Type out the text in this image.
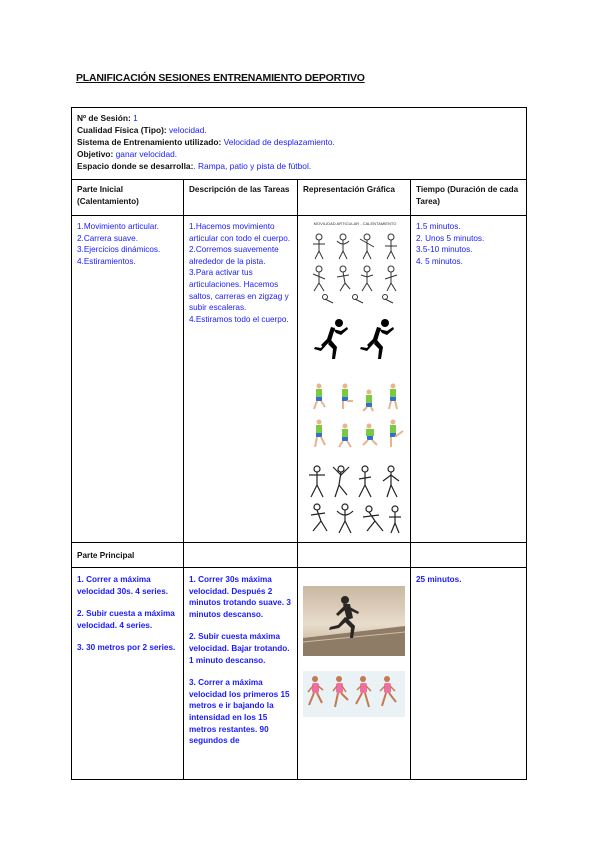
PLANIFICACIÓN SESIONES ENTRENAMIENTO DEPORTIVO
Nº de Sesión: 1
Cualidad Física (Tipo): velocidad.
Sistema de Entrenamiento utilizado: Velocidad de desplazamiento.
Objetivo: ganar velocidad.
Espacio donde se desarrolla:. Rampa, patio y pista de fútbol.
Parte Inicial (Calentamiento)
Descripción de las Tareas	Representación Gráfica	Tiempo (Duración de cada Tarea)
1.Movimiento articular.
2.Carrera suave.
3.Ejercicios dinámicos.
4.Estiramientos.
1.Hacemos movimiento articular con todo el cuerpo.
2.Corremos suavemente alrededor de la pista.
3.Para activar tus articulaciones. Hacemos saltos, carreras en zigzag y subir escaleras.
4.Estiramos todo el cuerpo.
1.5 minutos.
2. Unos 5 minutos.
3.5-10 minutos.
4. 5 minutos.
MOVILIDAD ARTICULAR - CALENTAMIENTO
Parte Principal
1. Correr a máxima velocidad 30s. 4 series.
2. Subir cuesta a máxima velocidad. 4 series.
3. 30 metros por 2 series.
1. Correr 30s máxima velocidad. Después 2 minutos trotando suave. 3 minutos descanso.
2. Subir cuesta máxima velocidad. Bajar trotando. 1 minuto descanso.
3. Correr a máxima velocidad los primeros 15 metros e ir bajando la intensidad en los 15 metros restantes. 90 segundos de
25 minutos.
